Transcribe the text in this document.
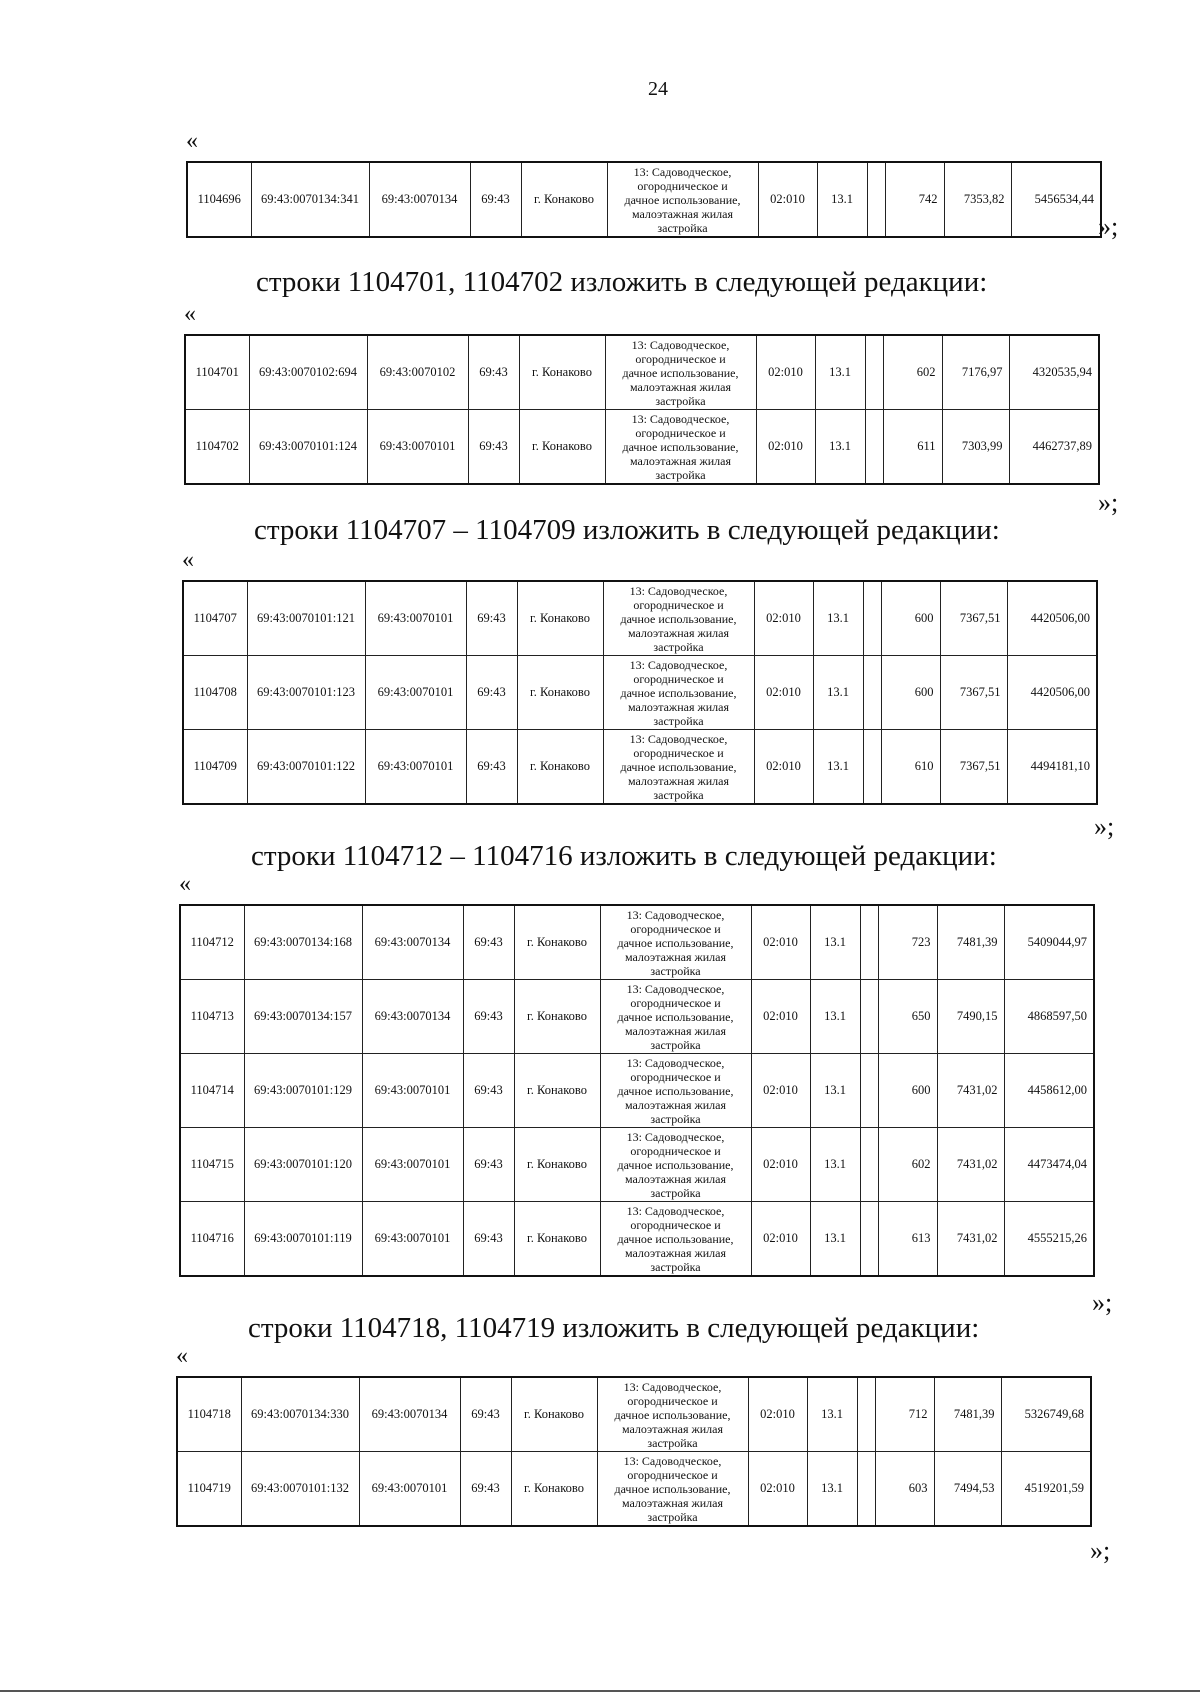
24
«
1104696	69:43:0070134:341	69:43:0070134	69:43	г. Конаково	
13: Садоводческое,
огородническое и
дачное использование,
малоэтажная жилая
застройка
	02:010	13.1		742	7353,82	5456534,44
»;
строки 1104701, 1104702 изложить в следующей редакции:
«
1104701	69:43:0070102:694	69:43:0070102	69:43	г. Конаково	13: Садоводческое,
огородническое и
дачное использование,
малоэтажная жилая
застройка	02:010	13.1		602	7176,97	4320535,94
1104702	69:43:0070101:124	69:43:0070101	69:43	г. Конаково	13: Садоводческое,
огородническое и
дачное использование,
малоэтажная жилая
застройка	02:010	13.1		611	7303,99	4462737,89
»;
строки 1104707 – 1104709 изложить в следующей редакции:
«
1104707	69:43:0070101:121	69:43:0070101	69:43	г. Конаково	13: Садоводческое,
огородническое и
дачное использование,
малоэтажная жилая
застройка	02:010	13.1		600	7367,51	4420506,00
1104708	69:43:0070101:123	69:43:0070101	69:43	г. Конаково	13: Садоводческое,
огородническое и
дачное использование,
малоэтажная жилая
застройка	02:010	13.1		600	7367,51	4420506,00
1104709	69:43:0070101:122	69:43:0070101	69:43	г. Конаково	13: Садоводческое,
огородническое и
дачное использование,
малоэтажная жилая
застройка	02:010	13.1		610	7367,51	4494181,10
»;
строки 1104712 – 1104716 изложить в следующей редакции:
«
1104712	69:43:0070134:168	69:43:0070134	69:43	г. Конаково	13: Садоводческое,
огородническое и
дачное использование,
малоэтажная жилая
застройка	02:010	13.1		723	7481,39	5409044,97
1104713	69:43:0070134:157	69:43:0070134	69:43	г. Конаково	13: Садоводческое,
огородническое и
дачное использование,
малоэтажная жилая
застройка	02:010	13.1		650	7490,15	4868597,50
1104714	69:43:0070101:129	69:43:0070101	69:43	г. Конаково	13: Садоводческое,
огородническое и
дачное использование,
малоэтажная жилая
застройка	02:010	13.1		600	7431,02	4458612,00
1104715	69:43:0070101:120	69:43:0070101	69:43	г. Конаково	13: Садоводческое,
огородническое и
дачное использование,
малоэтажная жилая
застройка	02:010	13.1		602	7431,02	4473474,04
1104716	69:43:0070101:119	69:43:0070101	69:43	г. Конаково	13: Садоводческое,
огородническое и
дачное использование,
малоэтажная жилая
застройка	02:010	13.1		613	7431,02	4555215,26
»;
строки 1104718, 1104719 изложить в следующей редакции:
«
1104718	69:43:0070134:330	69:43:0070134	69:43	г. Конаково	13: Садоводческое,
огородническое и
дачное использование,
малоэтажная жилая
застройка	02:010	13.1		712	7481,39	5326749,68
1104719	69:43:0070101:132	69:43:0070101	69:43	г. Конаково	13: Садоводческое,
огородническое и
дачное использование,
малоэтажная жилая
застройка	02:010	13.1		603	7494,53	4519201,59
»;
